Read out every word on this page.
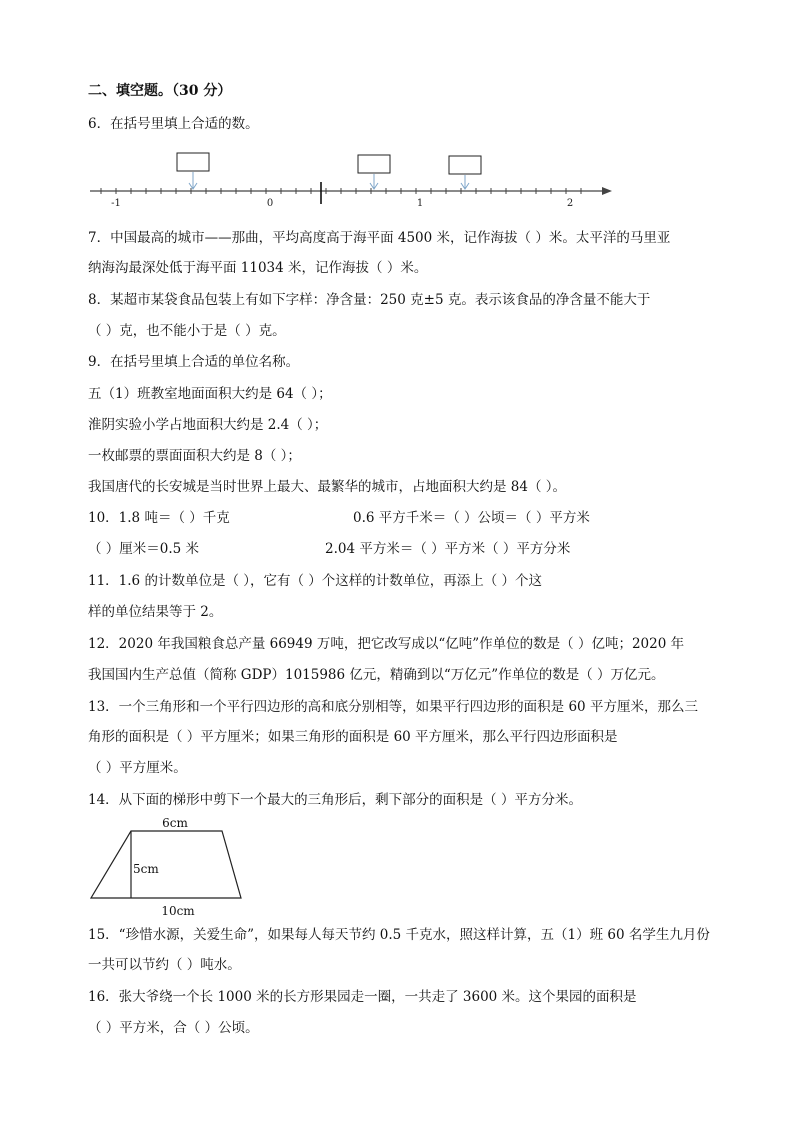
二、填空题。（30 分）
6．在括号里填上合适的数。
-1	0	1	2
7．中国最高的城市——那曲，平均高度高于海平面 4500 米，记作海拔（ ）米。太平洋的马里亚
纳海沟最深处低于海平面 11034 米，记作海拔（ ）米。
8．某超市某袋食品包装上有如下字样：净含量：250 克±5 克。表示该食品的净含量不能大于
（ ）克，也不能小于是（ ）克。
9．在括号里填上合适的单位名称。
五（1）班教室地面面积大约是 64（ ）；
淮阴实验小学占地面积大约是 2.4（ ）；
一枚邮票的票面面积大约是 8（ ）；
我国唐代的长安城是当时世界上最大、最繁华的城市，占地面积大约是 84（ ）。
10．1.8 吨＝（ ）千克	0.6 平方千米＝（ ）公顷＝（ ）平方米
（ ）厘米＝0.5 米	2.04 平方米＝（ ）平方米（ ）平方分米
11．1.6 的计数单位是（ ），它有（ ）个这样的计数单位，再添上（ ）个这
样的单位结果等于 2。
12．2020 年我国粮食总产量 66949 万吨，把它改写成以“亿吨”作单位的数是（ ）亿吨；2020 年
我国国内生产总值（简称 GDP）1015986 亿元，精确到以“万亿元”作单位的数是（ ）万亿元。
13．一个三角形和一个平行四边形的高和底分别相等，如果平行四边形的面积是 60 平方厘米，那么三
角形的面积是（ ）平方厘米；如果三角形的面积是 60 平方厘米，那么平行四边形面积是
（ ）平方厘米。
14．从下面的梯形中剪下一个最大的三角形后，剩下部分的面积是（ ）平方分米。
6cm
5cm
10cm
15．“珍惜水源，关爱生命”，如果每人每天节约 0.5 千克水，照这样计算，五（1）班 60 名学生九月份
一共可以节约（ ）吨水。
16．张大爷绕一个长 1000 米的长方形果园走一圈，一共走了 3600 米。这个果园的面积是
（ ）平方米，合（ ）公顷。
